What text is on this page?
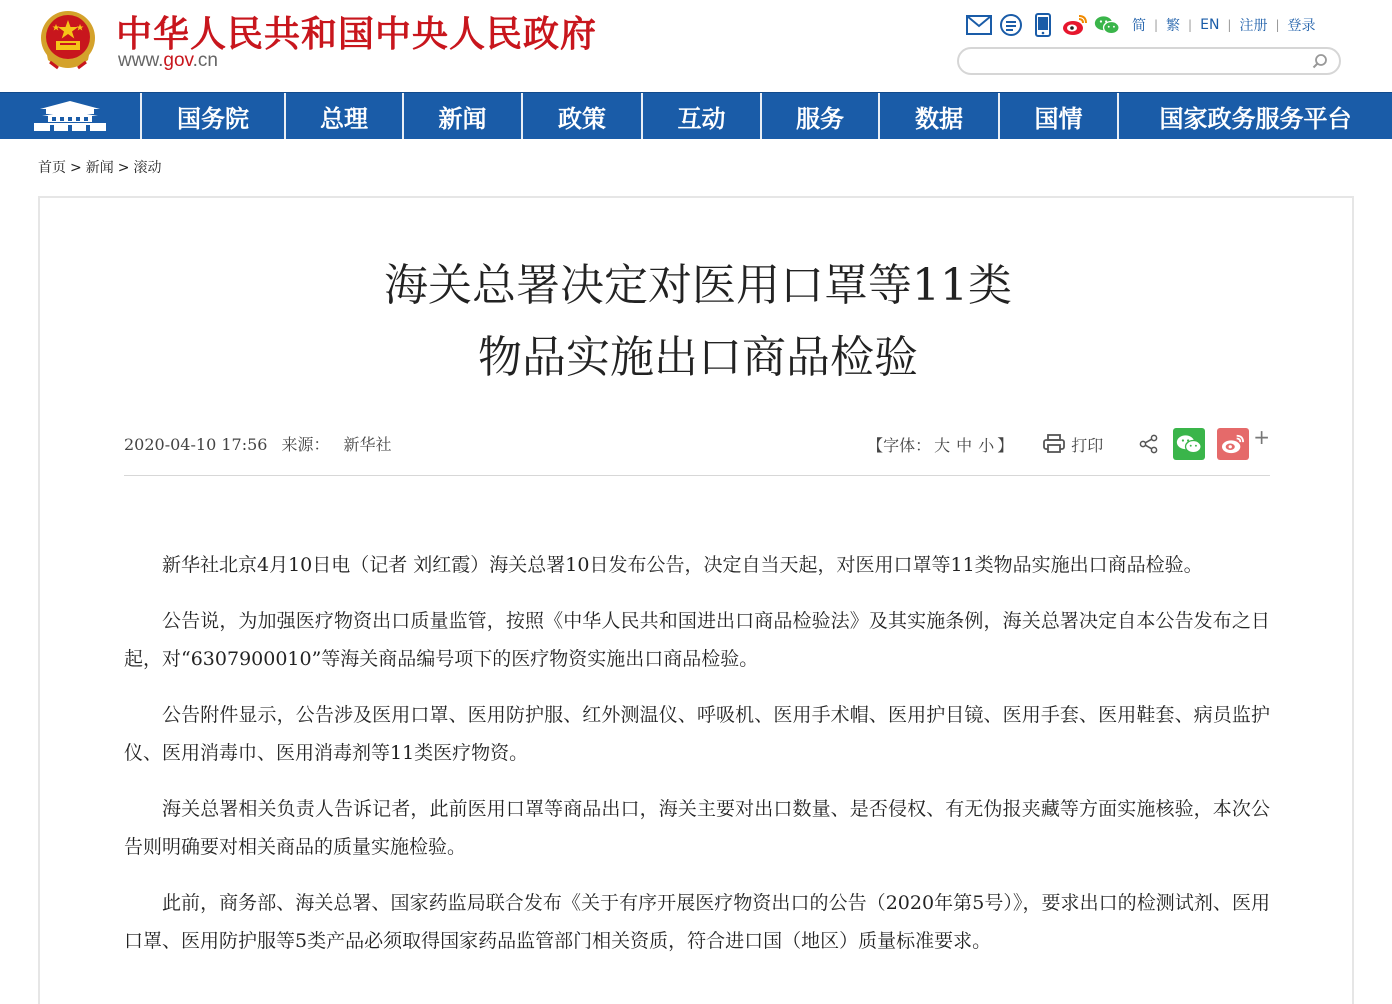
中华人民共和国中央人民政府
www.gov.cn
简 | 繁 | EN | 注册 | 登录
国务院	总理	新闻	政策	互动	服务	数据	国情	国家政务服务平台
首页 > 新闻 > 滚动
海关总署决定对医用口罩等11类
物品实施出口商品检验
2020-04-10 17:56 来源： 新华社	【字体： 大 中 小 】	打印	+

新华社北京4月10日电（记者 刘红霞）海关总署10日发布公告，决定自当天起，对医用口罩等11类物品实施出口商品检验。

公告说，为加强医疗物资出口质量监管，按照《中华人民共和国进出口商品检验法》及其实施条例，海关总署决定自本公告发布之日起，对“6307900010”等海关商品编号项下的医疗物资实施出口商品检验。

公告附件显示，公告涉及医用口罩、医用防护服、红外测温仪、呼吸机、医用手术帽、医用护目镜、医用手套、医用鞋套、病员监护仪、医用消毒巾、医用消毒剂等11类医疗物资。

海关总署相关负责人告诉记者，此前医用口罩等商品出口，海关主要对出口数量、是否侵权、有无伪报夹藏等方面实施核验，本次公告则明确要对相关商品的质量实施检验。

此前，商务部、海关总署、国家药监局联合发布《关于有序开展医疗物资出口的公告（2020年第5号）》，要求出口的检测试剂、医用口罩、医用防护服等5类产品必须取得国家药品监管部门相关资质，符合进口国（地区）质量标准要求。
